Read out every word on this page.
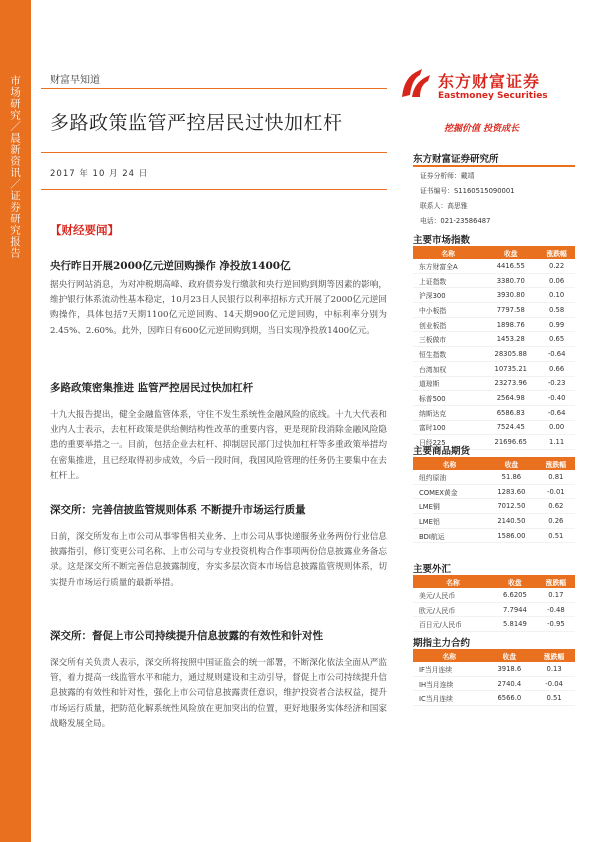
市场研究／晨新资讯／证券研究报告	财富早知道
多路政策监管严控居民过快加杠杆
2017 年 10 月 24 日
东方财富证券
Eastmoney Securities
挖掘价值 投资成长
【财经要闻】
央行昨日开展2000亿元逆回购操作 净投放1400亿
据央行网站消息，为对冲税期高峰、政府债券发行缴款和央行逆回购到期等因素的影响，维护银行体系流动性基本稳定，10月23日人民银行以利率招标方式开展了2000亿元逆回购操作，具体包括7天期1100亿元逆回购、14天期900亿元逆回购，中标利率分别为2.45%、2.60%。此外，因昨日有600亿元逆回购到期，当日实现净投放1400亿元。
多路政策密集推进 监管严控居民过快加杠杆
十九大报告提出，健全金融监管体系，守住不发生系统性金融风险的底线。十九大代表和业内人士表示，去杠杆政策是供给侧结构性改革的重要内容，更是现阶段消除金融风险隐患的重要举措之一。目前，包括企业去杠杆、抑制居民部门过快加杠杆等多重政策举措均在密集推进，且已经取得初步成效，今后一段时间，我国风险管理的任务仍主要集中在去杠杆上。
深交所：完善信披监管规则体系 不断提升市场运行质量
日前，深交所发布上市公司从事零售相关业务、上市公司从事快递服务业务两份行业信息披露指引，修订变更公司名称、上市公司与专业投资机构合作事项两份信息披露业务备忘录。这是深交所不断完善信息披露制度，夯实多层次资本市场信息披露监管规则体系，切实提升市场运行质量的最新举措。
深交所：督促上市公司持续提升信息披露的有效性和针对性
深交所有关负责人表示，深交所将按照中国证监会的统一部署，不断深化依法全面从严监管，着力提高一线监管水平和能力，通过规则建设和主动引导，督促上市公司持续提升信息披露的有效性和针对性，强化上市公司信息披露责任意识，维护投资者合法权益，提升市场运行质量，把防范化解系统性风险放在更加突出的位置，更好地服务实体经济和国家战略发展全局。
东方财富证券研究所
证券分析师：戴靖
证书编号：S1160515090001
联系人：高思雅
电话：021-23586487
主要市场指数
名称	收盘	涨跌幅
东方财富全A	4416.55	0.22
上证指数	3380.70	0.06
沪深300	3930.80	0.10
中小板指	7797.58	0.58
创业板指	1898.76	0.99
三板做市	1453.28	0.65
恒生指数	28305.88	-0.64
台湾加权	10735.21	0.66
道琼斯	23273.96	-0.23
标普500	2564.98	-0.40
纳斯达克	6586.83	-0.64
富时100	7524.45	0.00
日经225	21696.65	1.11
主要商品期货
名称	收盘	涨跌幅
纽约原油	51.86	0.81
COMEX黄金	1283.60	-0.01
LME铜	7012.50	0.62
LME铝	2140.50	0.26
BDI航运	1586.00	0.51
主要外汇
名称	收盘	涨跌幅
美元/人民币	6.6205	0.17
欧元/人民币	7.7944	-0.48
百日元/人民币	5.8149	-0.95
期指主力合约
名称	收盘	涨跌幅
IF当月连续	3918.6	0.13
IH当月连续	2740.4	-0.04
IC当月连续	6566.0	0.51
